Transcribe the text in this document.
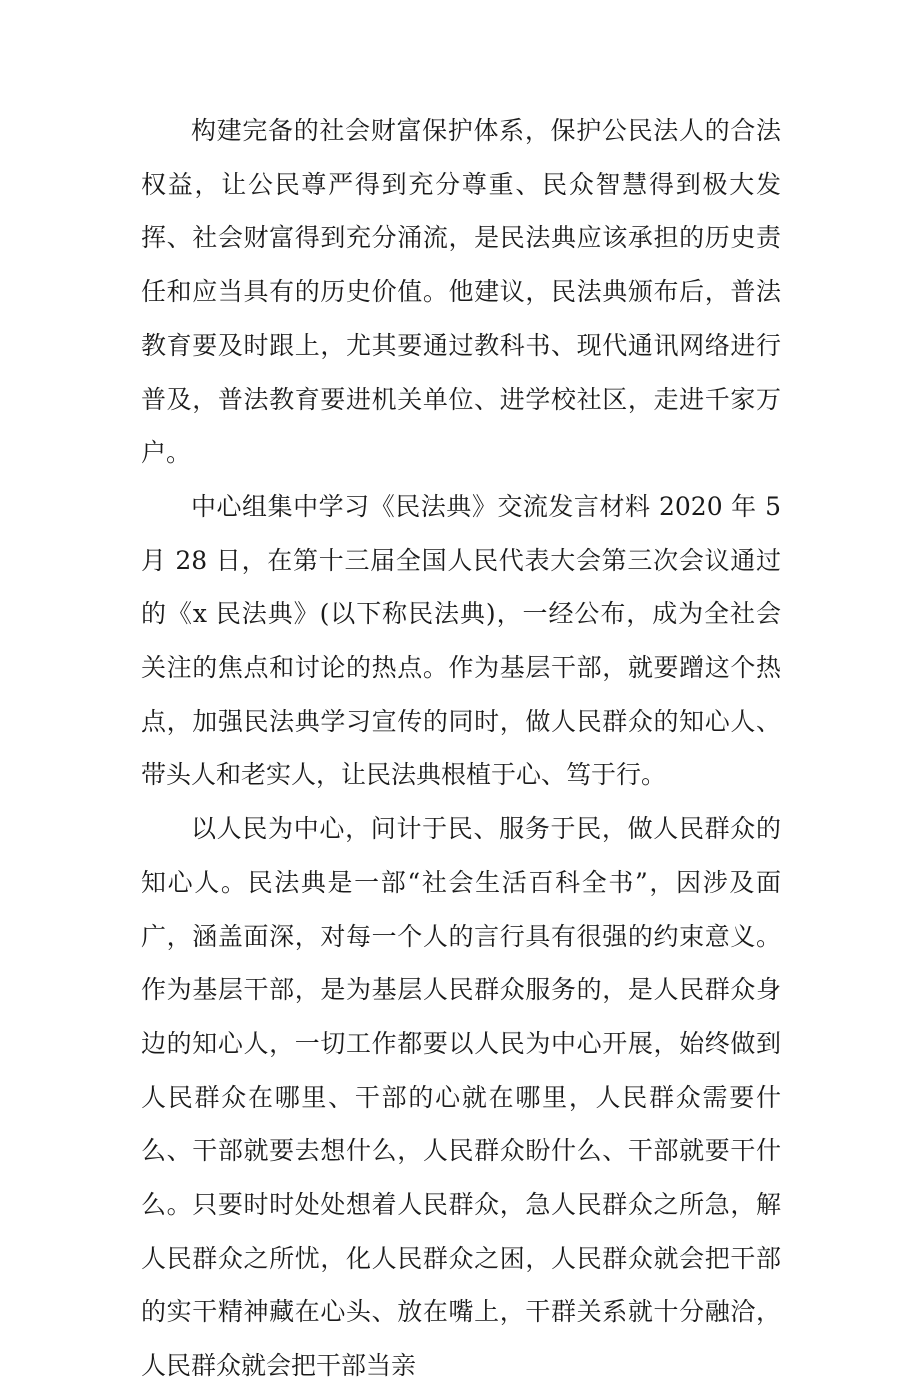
构建完备的社会财富保护体系，保护公民法人的合法权益，让公民尊严得到充分尊重、民众智慧得到极大发挥、社会财富得到充分涌流，是民法典应该承担的历史责任和应当具有的历史价值。他建议，民法典颁布后，普法教育要及时跟上，尤其要通过教科书、现代通讯网络进行普及，普法教育要进机关单位、进学校社区，走进千家万户。

中心组集中学习《民法典》交流发言材料 2020 年 5 月 28 日，在第十三届全国人民代表大会第三次会议通过的《x 民法典》(以下称民法典)，一经公布，成为全社会关注的焦点和讨论的热点。作为基层干部，就要蹭这个热点，加强民法典学习宣传的同时，做人民群众的知心人、带头人和老实人，让民法典根植于心、笃于行。

以人民为中心，问计于民、服务于民，做人民群众的知心人。民法典是一部“社会生活百科全书”，因涉及面广，涵盖面深，对每一个人的言行具有很强的约束意义。作为基层干部，是为基层人民群众服务的，是人民群众身边的知心人，一切工作都要以人民为中心开展，始终做到人民群众在哪里、干部的心就在哪里，人民群众需要什么、干部就要去想什么，人民群众盼什么、干部就要干什么。只要时时处处想着人民群众，急人民群众之所急，解人民群众之所忧，化人民群众之困，人民群众就会把干部的实干精神藏在心头、放在嘴上，干群关系就十分融洽，人民群众就会把干部当亲
